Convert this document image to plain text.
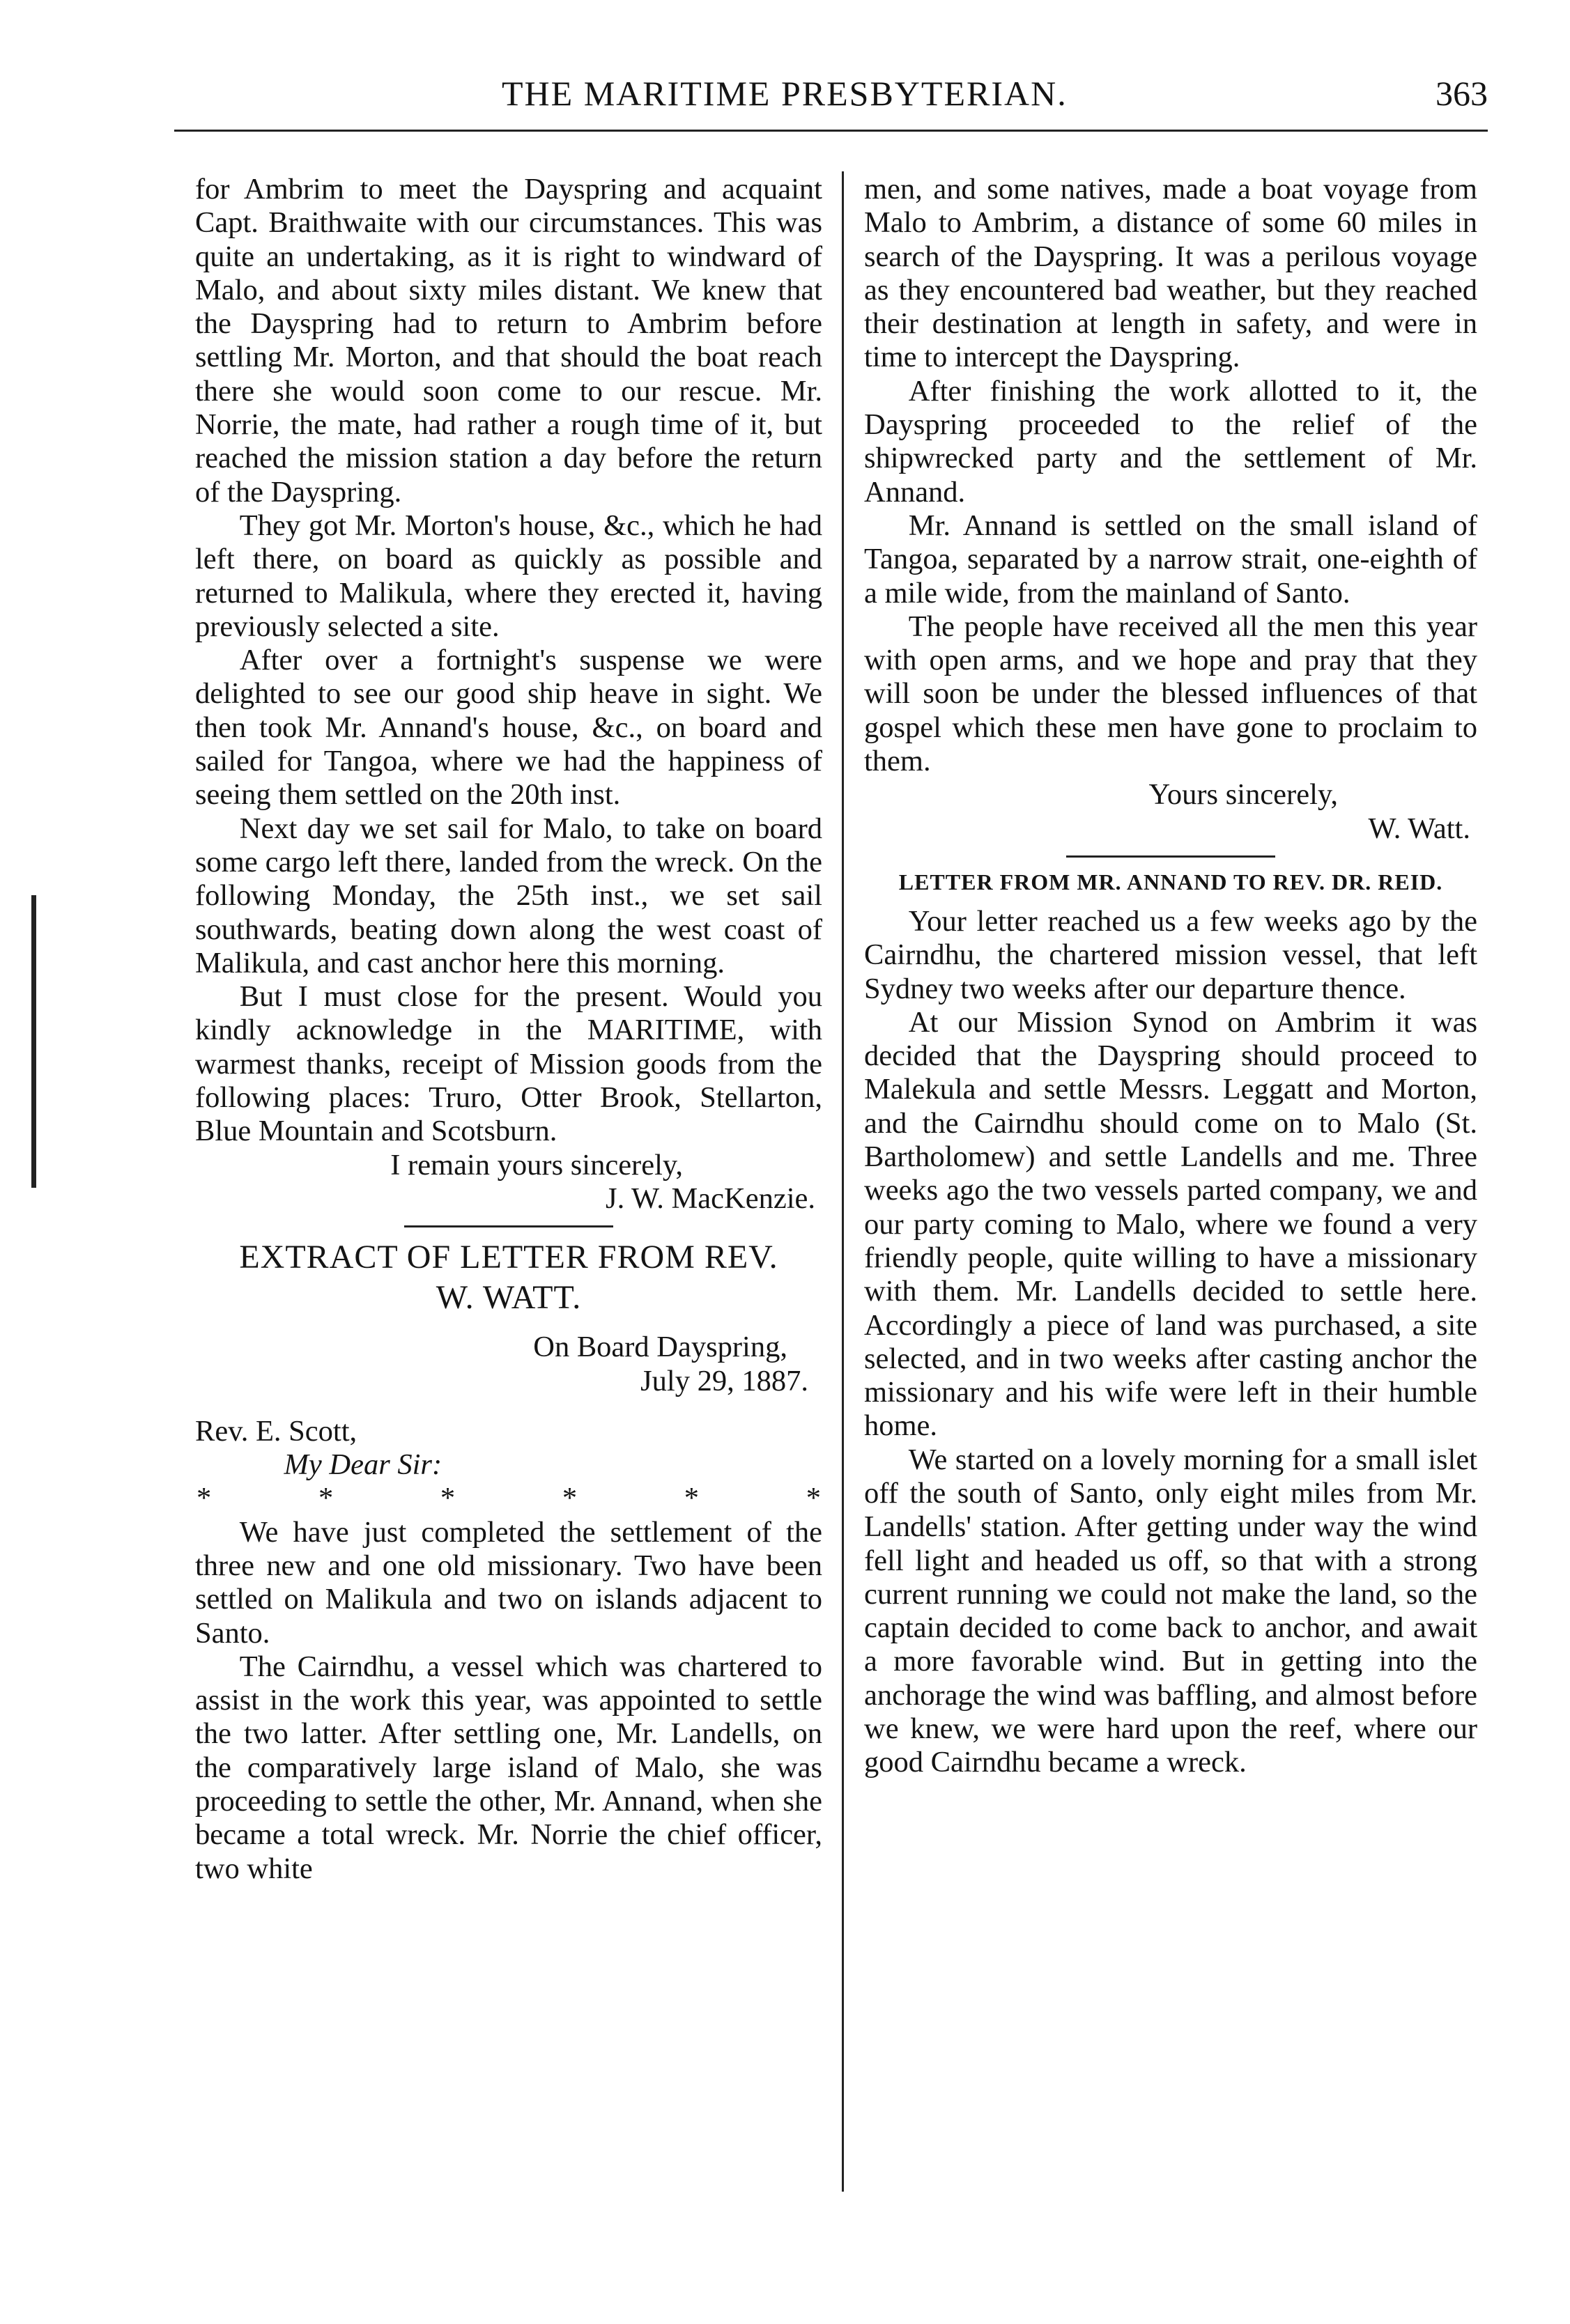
THE MARITIME PRESBYTERIAN.	363

for Ambrim to meet the Dayspring and acquaint Capt. Braithwaite with our circumstances. This was quite an undertaking, as it is right to windward of Malo, and about sixty miles distant. We knew that the Dayspring had to return to Ambrim before settling Mr. Morton, and that should the boat reach there she would soon come to our rescue. Mr. Norrie, the mate, had rather a rough time of it, but reached the mission station a day before the return of the Dayspring.

They got Mr. Morton's house, &c., which he had left there, on board as quickly as possible and returned to Malikula, where they erected it, having previously selected a site.

After over a fortnight's suspense we were delighted to see our good ship heave in sight. We then took Mr. Annand's house, &c., on board and sailed for Tangoa, where we had the happiness of seeing them settled on the 20th inst.

Next day we set sail for Malo, to take on board some cargo left there, landed from the wreck. On the following Monday, the 25th inst., we set sail southwards, beating down along the west coast of Malikula, and cast anchor here this morning.

But I must close for the present. Would you kindly acknowledge in the MARITIME, with warmest thanks, receipt of Mission goods from the following places: Truro, Otter Brook, Stellarton, Blue Mountain and Scotsburn.

I remain yours sincerely,
J. W. MacKenzie.
EXTRACT OF LETTER FROM REV.
W. WATT.
On Board Dayspring,
July 29, 1887.
Rev. E. Scott,
My Dear Sir:
*	*	*	*	*	*

We have just completed the settlement of the three new and one old missionary. Two have been settled on Malikula and two on islands adjacent to Santo.

The Cairndhu, a vessel which was chartered to assist in the work this year, was appointed to settle the two latter. After settling one, Mr. Landells, on the comparatively large island of Malo, she was proceeding to settle the other, Mr. Annand, when she became a total wreck. Mr. Norrie the chief officer, two white

men, and some natives, made a boat voyage from Malo to Ambrim, a distance of some 60 miles in search of the Dayspring. It was a perilous voyage as they encountered bad weather, but they reached their destination at length in safety, and were in time to intercept the Dayspring.

After finishing the work allotted to it, the Dayspring proceeded to the relief of the shipwrecked party and the settlement of Mr. Annand.

Mr. Annand is settled on the small island of Tangoa, separated by a narrow strait, one-eighth of a mile wide, from the mainland of Santo.

The people have received all the men this year with open arms, and we hope and pray that they will soon be under the blessed influences of that gospel which these men have gone to proclaim to them.

Yours sincerely,
W. Watt.
LETTER FROM MR. ANNAND TO REV. DR. REID.

Your letter reached us a few weeks ago by the Cairndhu, the chartered mission vessel, that left Sydney two weeks after our departure thence.

At our Mission Synod on Ambrim it was decided that the Dayspring should proceed to Malekula and settle Messrs. Leggatt and Morton, and the Cairndhu should come on to Malo (St. Bartholomew) and settle Landells and me. Three weeks ago the two vessels parted company, we and our party coming to Malo, where we found a very friendly people, quite willing to have a missionary with them. Mr. Landells decided to settle here. Accordingly a piece of land was purchased, a site selected, and in two weeks after casting anchor the missionary and his wife were left in their humble home.

We started on a lovely morning for a small islet off the south of Santo, only eight miles from Mr. Landells' station. After getting under way the wind fell light and headed us off, so that with a strong current running we could not make the land, so the captain decided to come back to anchor, and await a more favorable wind. But in getting into the anchorage the wind was baffling, and almost before we knew, we were hard upon the reef, where our good Cairndhu became a wreck.
